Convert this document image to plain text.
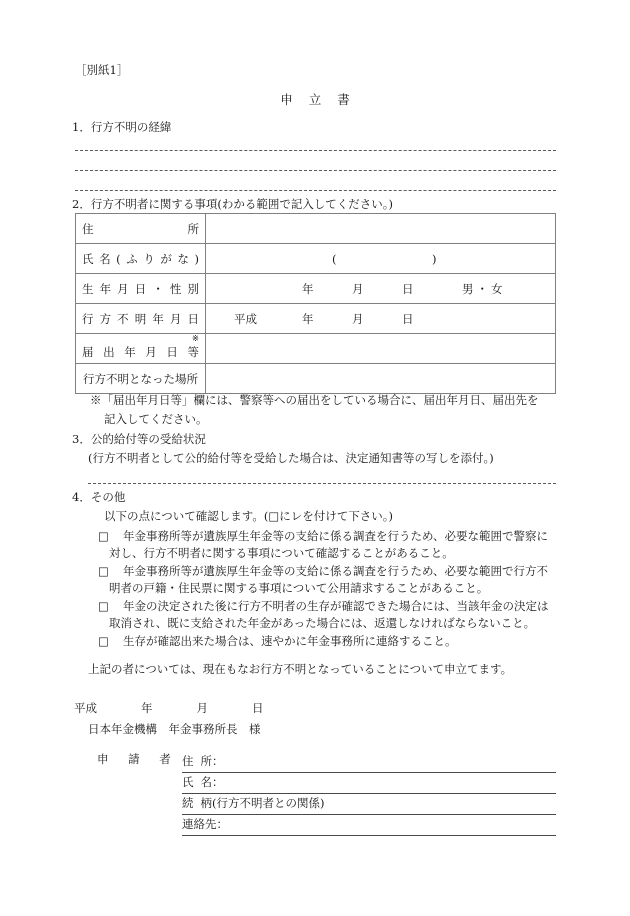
［別紙1］
申 立 書
1．行方不明の経緯
2．行方不明者に関する事項(わかる範囲で記入してください。)
住所	

氏名(ふりがな)	( )

生年月日・性別	年 月 日 男・女

行方不明年月日	平成 年 月 日

※
届出年月日等	

行方不明となった場所	

※「届出年月日等」欄には、警察等への届出をしている場合に、届出年月日、届出先を
記入してください。
3．公的給付等の受給状況
(行方不明者として公的給付等を受給した場合は、決定通知書等の写しを添付。)
4．その他
以下の点について確認します。(□にレを付けて下さい。)
□ 年金事務所等が遺族厚生年金等の支給に係る調査を行うため、必要な範囲で警察に
対し、行方不明者に関する事項について確認することがあること。
□ 年金事務所等が遺族厚生年金等の支給に係る調査を行うため、必要な範囲で行方不
明者の戸籍・住民票に関する事項について公用請求することがあること。
□ 年金の決定された後に行方不明者の生存が確認できた場合には、当該年金の決定は
取消され、既に支給された年金があった場合には、返還しなければならないこと。
□ 生存が確認出来た場合は、速やかに年金事務所に連絡すること。
上記の者については、現在もなお行方不明となっていることについて申立てます。
平成	年	月	日
日本年金機構　年金事務所長　様
申 請 者 住所：
氏名：
続柄(行方不明者との関係)
連絡先：
